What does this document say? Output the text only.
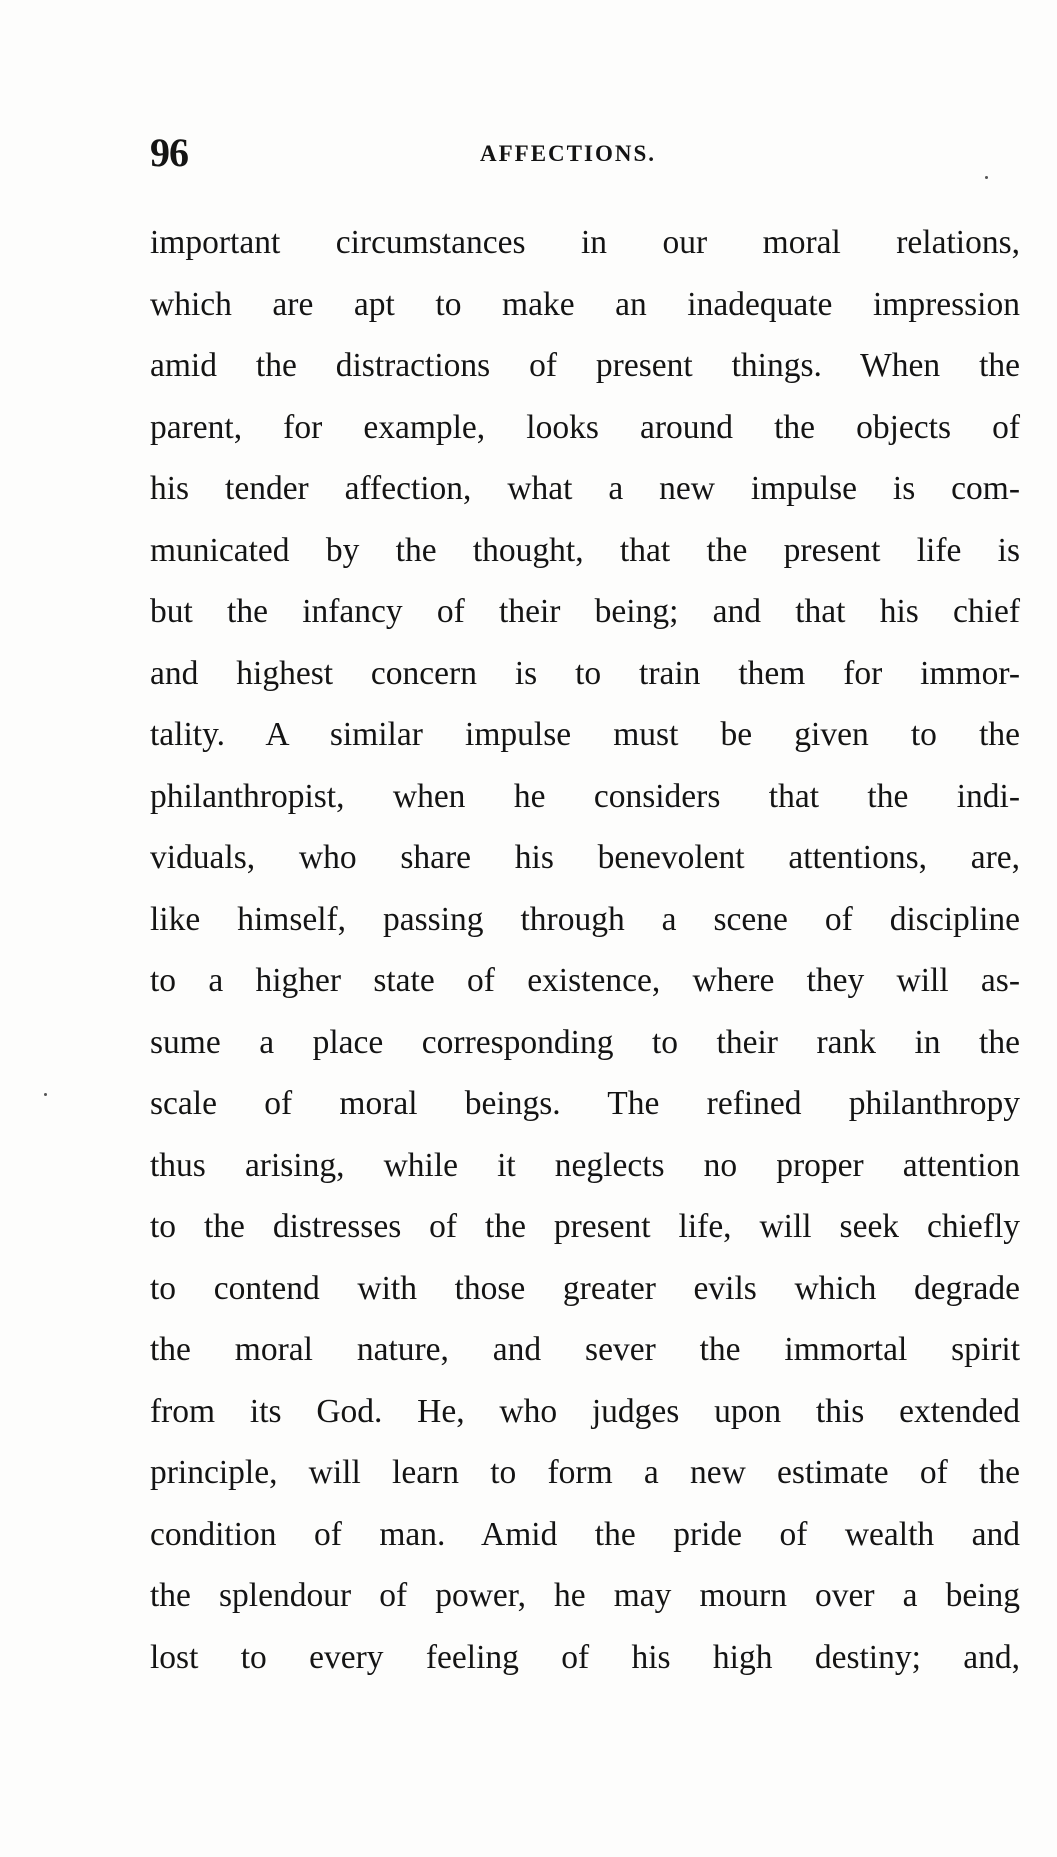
96	AFFECTIONS.
important circumstances in our moral relations,
which are apt to make an inadequate impression
amid the distractions of present things. When the
parent, for example, looks around the objects of
his tender affection, what a new impulse is com-
municated by the thought, that the present life is
but the infancy of their being; and that his chief
and highest concern is to train them for immor-
tality. A similar impulse must be given to the
philanthropist, when he considers that the indi-
viduals, who share his benevolent attentions, are,
like himself, passing through a scene of discipline
to a higher state of existence, where they will as-
sume a place corresponding to their rank in the
scale of moral beings. The refined philanthropy
thus arising, while it neglects no proper attention
to the distresses of the present life, will seek chiefly
to contend with those greater evils which degrade
the moral nature, and sever the immortal spirit
from its God. He, who judges upon this extended
principle, will learn to form a new estimate of the
condition of man. Amid the pride of wealth and
the splendour of power, he may mourn over a being
lost to every feeling of his high destiny; and,
